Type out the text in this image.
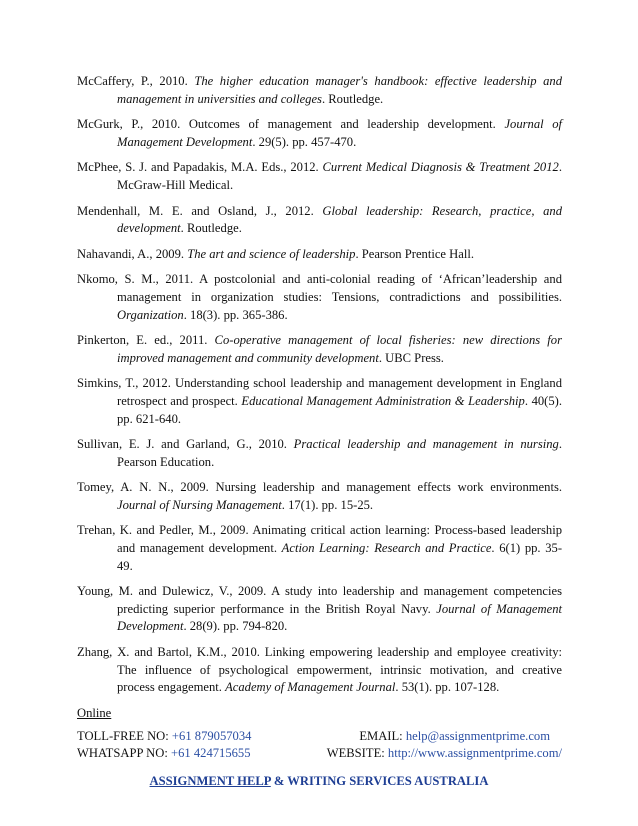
McCaffery, P., 2010. The higher education manager's handbook: effective leadership and management in universities and colleges. Routledge.

McGurk, P., 2010. Outcomes of management and leadership development. Journal of Management Development. 29(5). pp. 457-470.

McPhee, S. J. and Papadakis, M.A. Eds., 2012. Current Medical Diagnosis & Treatment 2012. McGraw-Hill Medical.

Mendenhall, M. E. and Osland, J., 2012. Global leadership: Research, practice, and development. Routledge.

Nahavandi, A., 2009. The art and science of leadership. Pearson Prentice Hall.

Nkomo, S. M., 2011. A postcolonial and anti-colonial reading of ‘African’leadership and management in organization studies: Tensions, contradictions and possibilities. Organization. 18(3). pp. 365-386.

Pinkerton, E. ed., 2011. Co-operative management of local fisheries: new directions for improved management and community development. UBC Press.

Simkins, T., 2012. Understanding school leadership and management development in England retrospect and prospect. Educational Management Administration & Leadership. 40(5). pp. 621-640.

Sullivan, E. J. and Garland, G., 2010. Practical leadership and management in nursing. Pearson Education.

Tomey, A. N. N., 2009. Nursing leadership and management effects work environments. Journal of Nursing Management. 17(1). pp. 15-25.

Trehan, K. and Pedler, M., 2009. Animating critical action learning: Process-based leadership and management development. Action Learning: Research and Practice. 6(1) pp. 35-49.

Young, M. and Dulewicz, V., 2009. A study into leadership and management competencies predicting superior performance in the British Royal Navy. Journal of Management Development. 28(9). pp. 794-820.

Zhang, X. and Bartol, K.M., 2010. Linking empowering leadership and employee creativity: The influence of psychological empowerment, intrinsic motivation, and creative process engagement. Academy of Management Journal. 53(1). pp. 107-128.

Online

TOLL-FREE NO: +61 879057034	EMAIL: help@assignmentprime.com
WHATSAPP NO: +61 424715655	WEBSITE: http://www.assignmentprime.com/
ASSIGNMENT HELP & WRITING SERVICES AUSTRALIA
